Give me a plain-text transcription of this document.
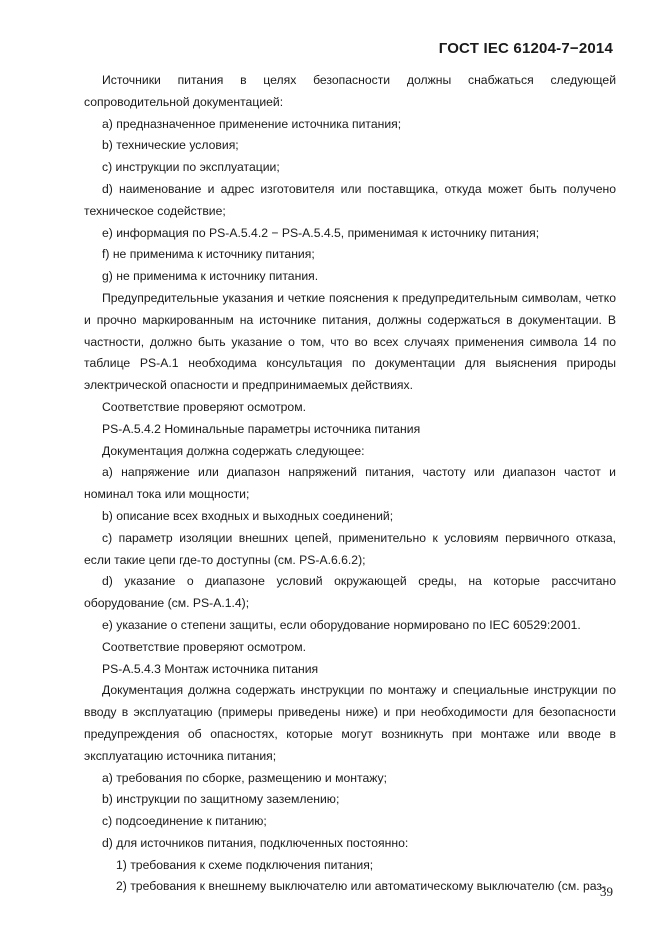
ГОСТ IEC 61204-7−2014

Источники питания в целях безопасности должны снабжаться следующей сопроводительной документацией:

a) предназначенное применение источника питания;

b) технические условия;

c) инструкции по эксплуатации;

d) наименование и адрес изготовителя или поставщика, откуда может быть получено техническое содействие;

e) информация по PS-A.5.4.2 − PS-A.5.4.5, применимая к источнику питания;

f) не применима к источнику питания;

g) не применима к источнику питания.

Предупредительные указания и четкие пояснения к предупредительным символам, четко и прочно маркированным на источнике питания, должны содержаться в документации. В частности, должно быть указание о том, что во всех случаях применения символа 14 по таблице PS-A.1 необходима консультация по документации для выяснения природы электрической опасности и предпринимаемых действиях.

Соответствие проверяют осмотром.

PS-A.5.4.2 Номинальные параметры источника питания

Документация должна содержать следующее:

a) напряжение или диапазон напряжений питания, частоту или диапазон частот и номинал тока или мощности;

b) описание всех входных и выходных соединений;

c) параметр изоляции внешних цепей, применительно к условиям первичного отказа, если такие цепи где-то доступны (см. PS-A.6.6.2);

d) указание о диапазоне условий окружающей среды, на которые рассчитано оборудование (см. PS-A.1.4);

e) указание о степени защиты, если оборудование нормировано по IEC 60529:2001.

Соответствие проверяют осмотром.

PS-A.5.4.3 Монтаж источника питания

Документация должна содержать инструкции по монтажу и специальные инструкции по вводу в эксплуатацию (примеры приведены ниже) и при необходимости для безопасности предупреждения об опасностях, которые могут возникнуть при монтаже или вводе в эксплуатацию источника питания;

a) требования по сборке, размещению и монтажу;

b) инструкции по защитному заземлению;

c) подсоединение к питанию;

d) для источников питания, подключенных постоянно:

1) требования к схеме подключения питания;

2) требования к внешнему выключателю или автоматическому выключателю (см. раз-

39
